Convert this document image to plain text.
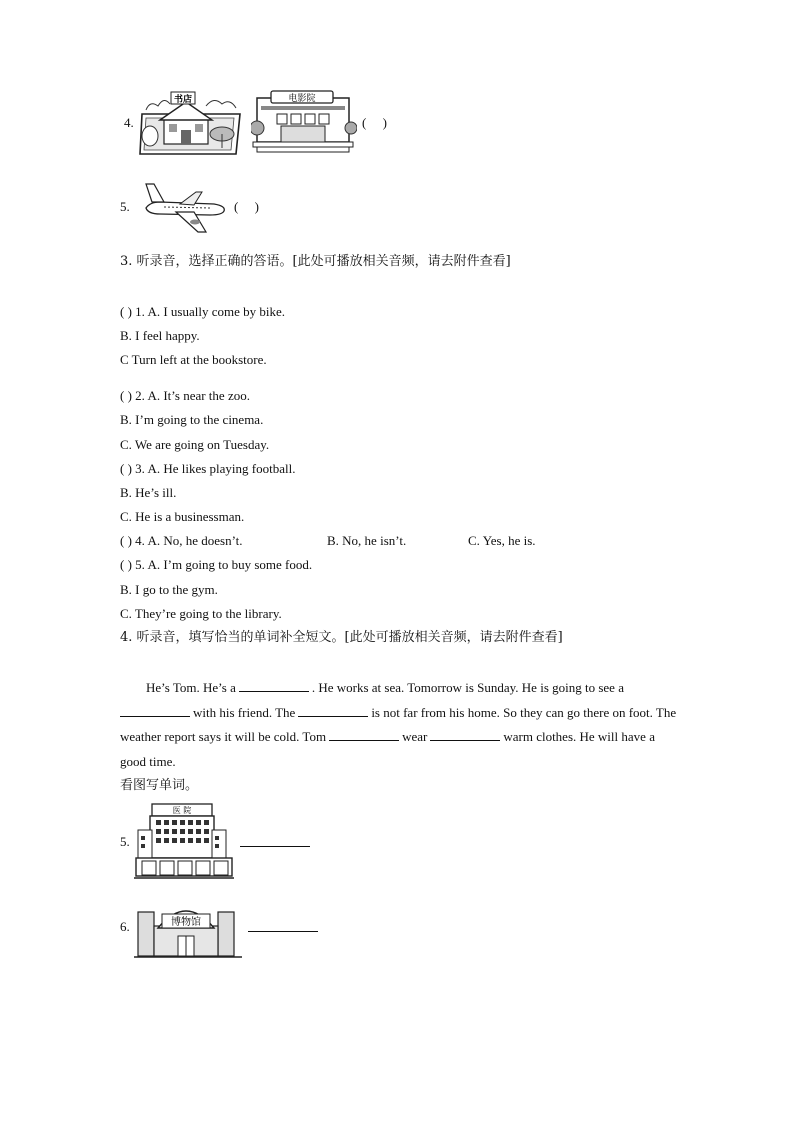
4.
书店	电影院
(　 )
5.	(　 )
3. 听录音，选择正确的答语。[此处可播放相关音频，请去附件查看]
( ) 1. A. I usually come by bike.
B. I feel happy.
C Turn left at the bookstore.
( ) 2. A. It’s near the zoo.
B. I’m going to the cinema.
C. We are going on Tuesday.
( ) 3. A. He likes playing football.
B. He’s ill.
C. He is a businessman.
( ) 4. A. No, he doesn’t.	B. No, he isn’t.	C. Yes, he is.
( ) 5. A. I’m going to buy some food.
B. I go to the gym.
C. They’re going to the library.
4. 听录音，填写恰当的单词补全短文。[此处可播放相关音频，请去附件查看]
He’s Tom. He’s a	. He works at sea. Tomorrow is Sunday. He is going to see a with his friend. The	is not far from his home. So they can go there on foot. The weather report says it will be cold. Tom	wear	warm clothes. He will have a good time.
看图写单词。
5.
医 院
6.	博物馆
